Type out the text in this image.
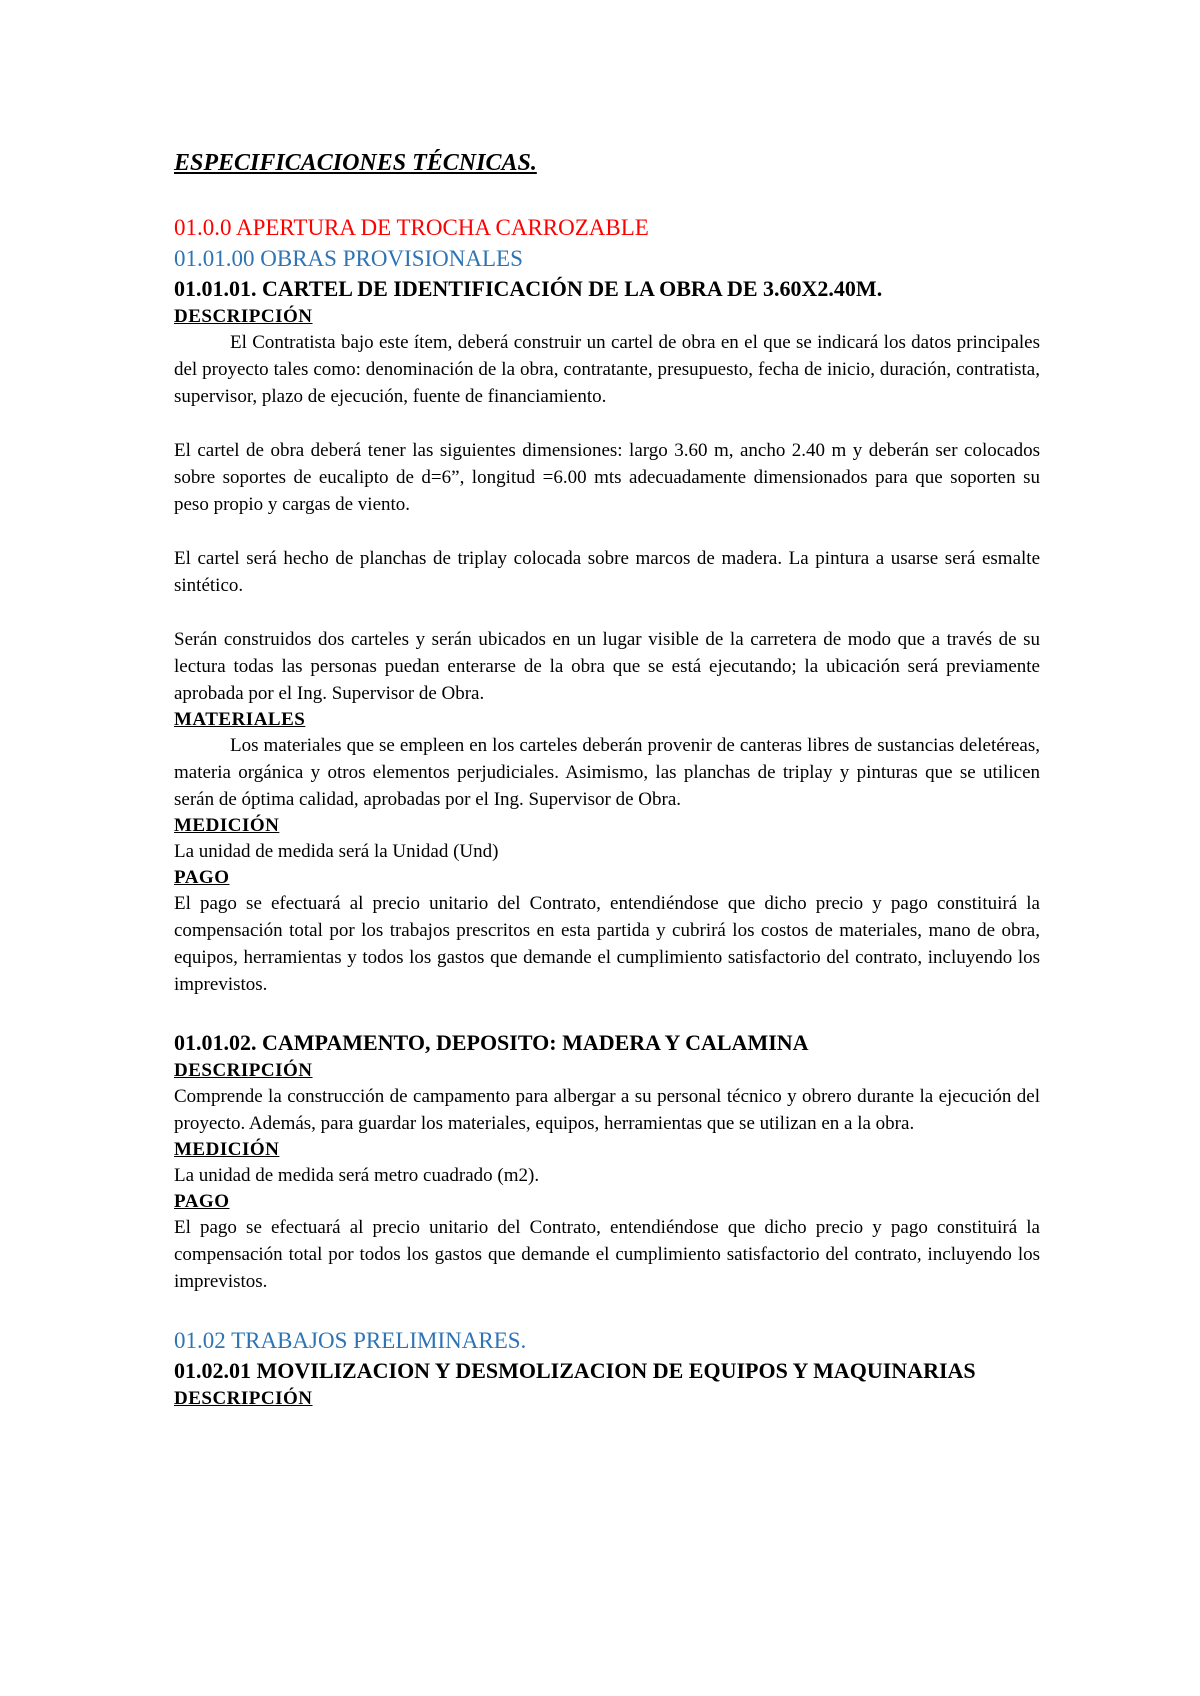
ESPECIFICACIONES TÉCNICAS.
01.0.0 APERTURA DE TROCHA CARROZABLE
01.01.00 OBRAS PROVISIONALES
01.01.01. CARTEL DE IDENTIFICACIÓN DE LA OBRA DE 3.60X2.40M.
DESCRIPCIÓN

El Contratista bajo este ítem, deberá construir un cartel de obra en el que se indicará los datos principales del proyecto tales como: denominación de la obra, contratante, presupuesto, fecha de inicio, duración, contratista, supervisor, plazo de ejecución, fuente de financiamiento.

El cartel de obra deberá tener las siguientes dimensiones: largo 3.60 m, ancho 2.40 m y deberán ser colocados sobre soportes de eucalipto de d=6”, longitud =6.00 mts adecuadamente dimensionados para que soporten su peso propio y cargas de viento.

El cartel será hecho de planchas de triplay colocada sobre marcos de madera. La pintura a usarse será esmalte sintético.

Serán construidos dos carteles y serán ubicados en un lugar visible de la carretera de modo que a través de su lectura todas las personas puedan enterarse de la obra que se está ejecutando; la ubicación será previamente aprobada por el Ing. Supervisor de Obra.

MATERIALES

Los materiales que se empleen en los carteles deberán provenir de canteras libres de sustancias deletéreas, materia orgánica y otros elementos perjudiciales. Asimismo, las planchas de triplay y pinturas que se utilicen serán de óptima calidad, aprobadas por el Ing. Supervisor de Obra.

MEDICIÓN

La unidad de medida será la Unidad (Und)

PAGO

El pago se efectuará al precio unitario del Contrato, entendiéndose que dicho precio y pago constituirá la compensación total por los trabajos prescritos en esta partida y cubrirá los costos de materiales, mano de obra, equipos, herramientas y todos los gastos que demande el cumplimiento satisfactorio del contrato, incluyendo los imprevistos.

01.01.02. CAMPAMENTO, DEPOSITO: MADERA Y CALAMINA
DESCRIPCIÓN

Comprende la construcción de campamento para albergar a su personal técnico y obrero durante la ejecución del proyecto. Además, para guardar los materiales, equipos, herramientas que se utilizan en a la obra.

MEDICIÓN

La unidad de medida será metro cuadrado (m2).

PAGO

El pago se efectuará al precio unitario del Contrato, entendiéndose que dicho precio y pago constituirá la compensación total por todos los gastos que demande el cumplimiento satisfactorio del contrato, incluyendo los imprevistos.

01.02 TRABAJOS PRELIMINARES.
01.02.01 MOVILIZACION Y DESMOLIZACION DE EQUIPOS Y MAQUINARIAS
DESCRIPCIÓN
